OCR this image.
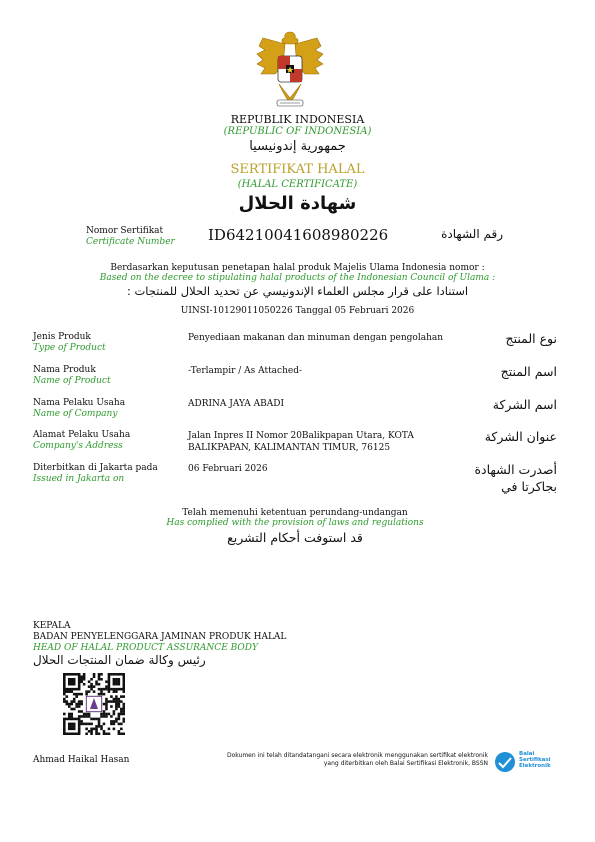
REPUBLIK INDONESIA
(REPUBLIC OF INDONESIA)
جمهورية إندونيسيا
SERTIFIKAT HALAL
(HALAL CERTIFICATE)
شهادة الحلال
Nomor Sertifikat
Certificate Number ID64210041608980226	رقم الشهادة
Berdasarkan keputusan penetapan halal produk Majelis Ulama Indonesia nomor :
Based on the decree to stipulating halal products of the Indonesian Council of Ulama :
استنادا على قرار مجلس العلماء الإندونيسي عن تحديد الحلال للمنتجات :
UINSI-10129011050226 Tanggal 05 Februari 2026
Jenis Produk
Type of Product
Penyediaan makanan dan minuman dengan pengolahan	نوع المنتج
Nama Produk
Name of Product
-Terlampir / As Attached-	اسم المنتج
Nama Pelaku Usaha
Name of Company
ADRINA JAYA ABADI	اسم الشركة
Alamat Pelaku Usaha
Company's Address
Jalan Inpres II Nomor 20Balikpapan Utara, KOTA
BALIKPAPAN, KALIMANTAN TIMUR, 76125
عنوان الشركة
Diterbitkan di Jakarta pada
Issued in Jakarta on
06 Februari 2026	أصدرت الشهادة
بجاكرتا في
Telah memenuhi ketentuan perundang-undangan
Has complied with the provision of laws and regulations
قد استوفت أحكام التشريع
KEPALA
BADAN PENYELENGGARA JAMINAN PRODUK HALAL
HEAD OF HALAL PRODUCT ASSURANCE BODY
رئيس وكالة ضمان المنتجات الحلال
Ahmad Haikal Hasan	Dokumen ini telah ditandatangani secara elektronik menggunakan sertifikat elektronik
yang diterbitkan oleh Balai Sertifikasi Elektronik, BSSN
Balai
Sertifikasi
Elektronik
